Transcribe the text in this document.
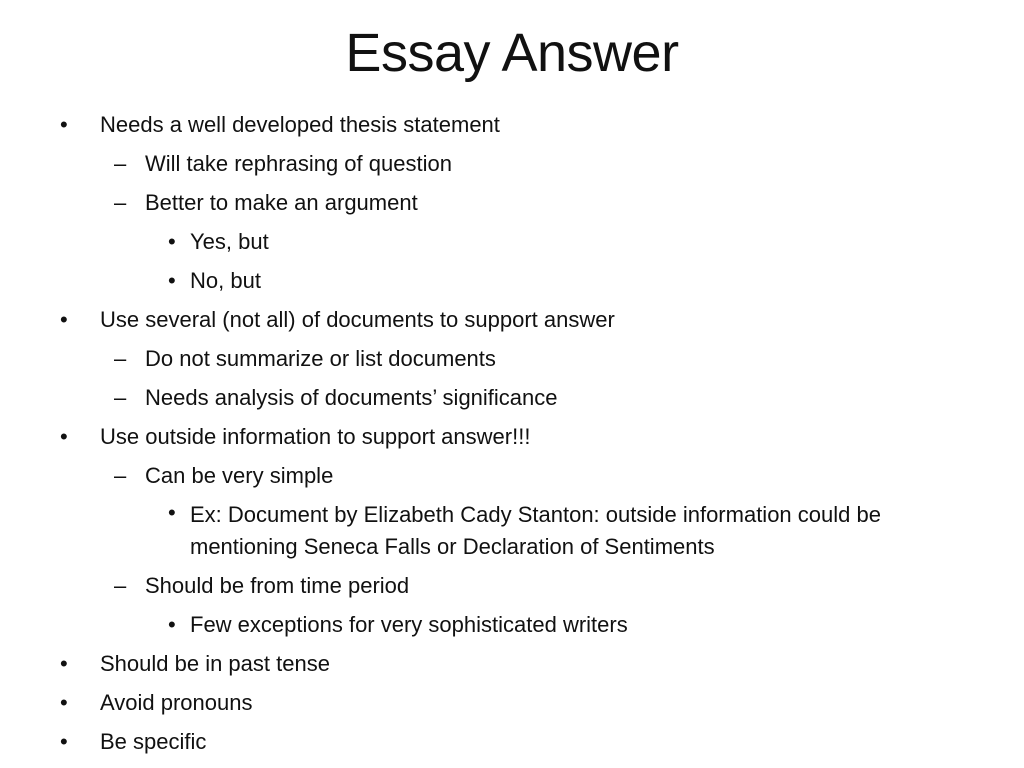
Essay Answer
• Needs a well developed thesis statement
– Will take rephrasing of question
– Better to make an argument
• Yes, but
• No, but
• Use several (not all) of documents to support answer
– Do not summarize or list documents
– Needs analysis of documents’ significance
• Use outside information to support answer!!!
– Can be very simple
• Ex: Document by Elizabeth Cady Stanton: outside information could be mentioning Seneca Falls or Declaration of Sentiments
– Should be from time period
• Few exceptions for very sophisticated writers
• Should be in past tense
• Avoid pronouns
• Be specific
